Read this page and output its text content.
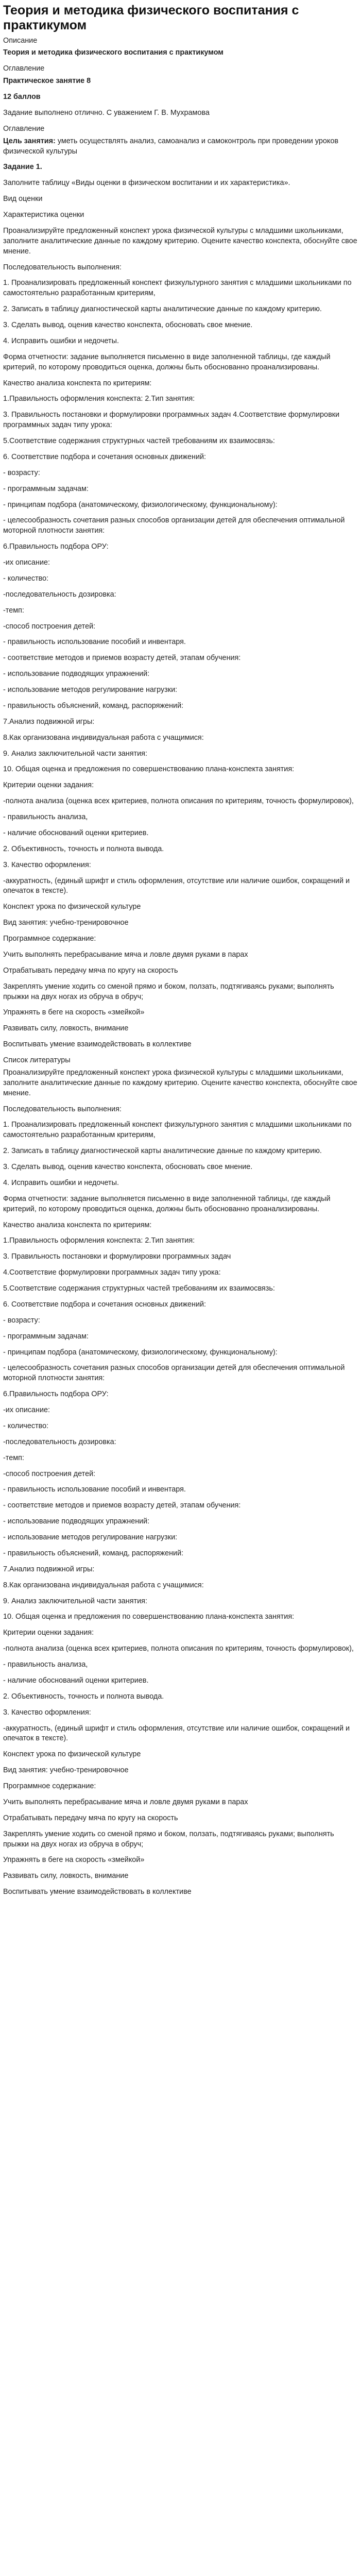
Теория и методика физического воспитания с практикумом
Описание
Теория и методика физического воспитания с практикумом
Оглавление
Практическое занятие 8
12 баллов
Задание выполнено отлично. С уважением Г. В. Мухрамова
Оглавление
Цель занятия: уметь осуществлять анализ, самоанализ и самоконтроль при проведении уроков физической культуры
Задание 1.
Заполните таблицу «Виды оценки в физическом воспитании и их характеристика».
Вид оценки
Характеристика оценки
Проанализируйте предложенный конспект урока физической культуры с младшими школьниками, заполните аналитические данные по каждому критерию. Оцените качество конспекта, обоснуйте свое мнение.
Последовательность выполнения:
1. Проанализировать предложенный конспект физкультурного занятия с младшими школьниками по самостоятельно разработанным критериям,
2. Записать в таблицу диагностической карты аналитические данные по каждому критерию.
3. Сделать вывод, оценив качество конспекта, обосновать свое мнение.
4. Исправить ошибки и недочеты.
Форма отчетности: задание выполняется письменно в виде заполненной таблицы, где каждый критерий, по которому проводиться оценка, должны быть обоснованно проанализированы.
Качество анализа конспекта по критериям:
1.Правильность оформления конспекта: 2.Тип занятия:
3. Правильность постановки и формулировки программных задач 4.Соответствие формулировки программных задач типу урока:
5.Соответствие содержания структурных частей требованиям их взаимосвязь:
6. Соответствие подбора и сочетания основных движений:
- возрасту:
- программным задачам:
- принципам подбора (анатомическому, физиологическому, функциональному):
- целесообразность сочетания разных способов организации детей для обеспечения оптимальной моторной плотности занятия:
6.Правильность подбора ОРУ:
-их описание:
- количество:
-последовательность дозировка:
-темп:
-способ построения детей:
- правильность использование пособий и инвентаря.
- соответствие методов и приемов возрасту детей, этапам обучения:
- использование подводящих упражнений:
- использование методов регулирование нагрузки:
- правильность объяснений, команд, распоряжений:
7.Анализ подвижной игры:
8.Как организована индивидуальная работа с учащимися:
9. Анализ заключительной части занятия:
10. Общая оценка и предложения по совершенствованию плана-конспекта занятия:
Критерии оценки задания:
-полнота анализа (оценка всех критериев, полнота описания по критериям, точность формулировок),
- правильность анализа,
- наличие обоснований оценки критериев.
2. Объективность, точность и полнота вывода.
3. Качество оформления:
-аккуратность, (единый шрифт и стиль оформления, отсутствие или наличие ошибок, сокращений и опечаток в тексте).
Конспект урока по физической культуре
Вид занятия: учебно-тренировочное
Программное содержание:
Учить выполнять перебрасывание мяча и ловле двумя руками в парах
Отрабатывать передачу мяча по кругу на скорость
Закреплять умение ходить со сменой прямо и боком, ползать, подтягиваясь руками; выполнять прыжки на двух ногах из обруча в обруч;
Упражнять в беге на скорость «змейкой»
Развивать силу, ловкость, внимание
Воспитывать умение взаимодействовать в коллективе
Список литературы
Проанализируйте предложенный конспект урока физической культуры с младшими школьниками, заполните аналитические данные по каждому критерию. Оцените качество конспекта, обоснуйте свое мнение.
Последовательность выполнения:
1. Проанализировать предложенный конспект физкультурного занятия с младшими школьниками по самостоятельно разработанным критериям,
2. Записать в таблицу диагностической карты аналитические данные по каждому критерию.
3. Сделать вывод, оценив качество конспекта, обосновать свое мнение.
4. Исправить ошибки и недочеты.
Форма отчетности: задание выполняется письменно в виде заполненной таблицы, где каждый критерий, по которому проводиться оценка, должны быть обоснованно проанализированы.
Качество анализа конспекта по критериям:
1.Правильность оформления конспекта: 2.Тип занятия:
3. Правильность постановки и формулировки программных задач
4.Соответствие формулировки программных задач типу урока:
5.Соответствие содержания структурных частей требованиям их взаимосвязь:
6. Соответствие подбора и сочетания основных движений:
- возрасту:
- программным задачам:
- принципам подбора (анатомическому, физиологическому, функциональному):
- целесообразность сочетания разных способов организации детей для обеспечения оптимальной моторной плотности занятия:
6.Правильность подбора ОРУ:
-их описание:
- количество:
-последовательность дозировка:
-темп:
-способ построения детей:
- правильность использование пособий и инвентаря.
- соответствие методов и приемов возрасту детей, этапам обучения:
- использование подводящих упражнений:
- использование методов регулирование нагрузки:
- правильность объяснений, команд, распоряжений:
7.Анализ подвижной игры:
8.Как организована индивидуальная работа с учащимися:
9. Анализ заключительной части занятия:
10. Общая оценка и предложения по совершенствованию плана-конспекта занятия:
Критерии оценки задания:
-полнота анализа (оценка всех критериев, полнота описания по критериям, точность формулировок),
- правильность анализа,
- наличие обоснований оценки критериев.
2. Объективность, точность и полнота вывода.
3. Качество оформления:
-аккуратность, (единый шрифт и стиль оформления, отсутствие или наличие ошибок, сокращений и опечаток в тексте).
Конспект урока по физической культуре
Вид занятия: учебно-тренировочное
Программное содержание:
Учить выполнять перебрасывание мяча и ловле двумя руками в парах
Отрабатывать передачу мяча по кругу на скорость
Закреплять умение ходить со сменой прямо и боком, ползать, подтягиваясь руками; выполнять прыжки на двух ногах из обруча в обруч;
Упражнять в беге на скорость «змейкой»
Развивать силу, ловкость, внимание
Воспитывать умение взаимодействовать в коллективе
